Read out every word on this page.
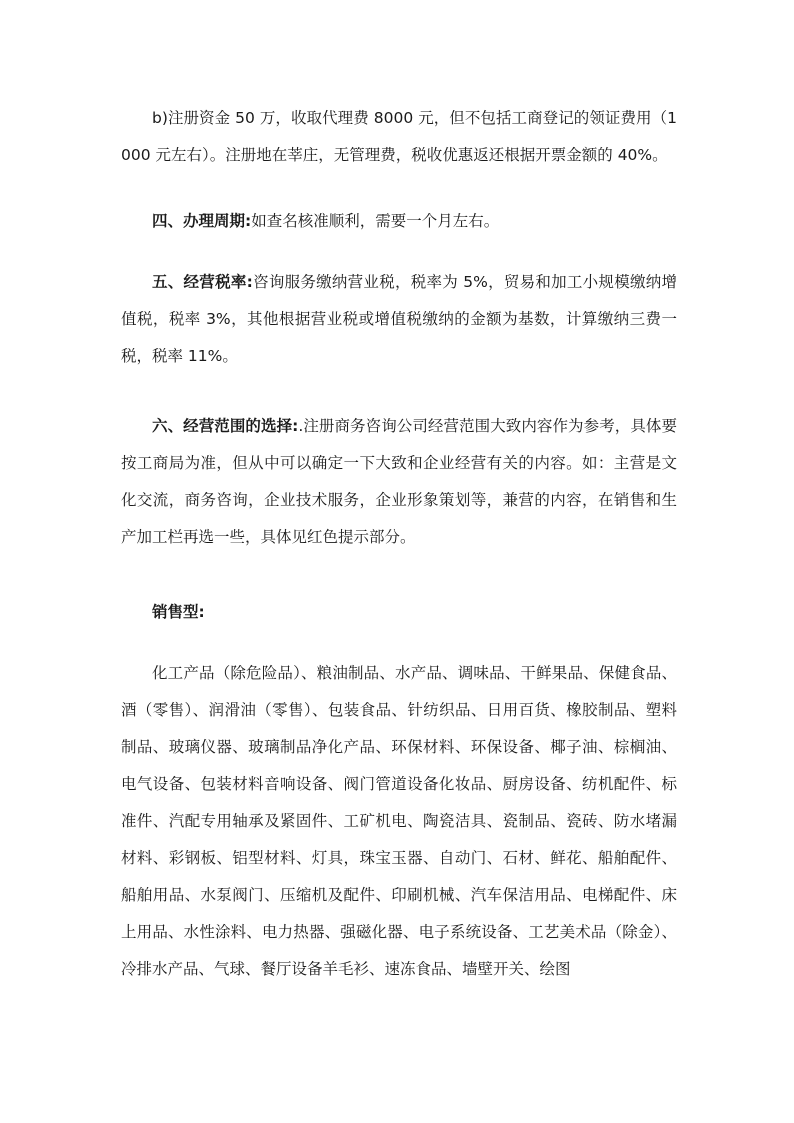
b)注册资金 50 万，收取代理费 8000 元，但不包括工商登记的领证费用（1000 元左右）。注册地在莘庄，无管理费，税收优惠返还根据开票金额的 40%。

四、办理周期:如查名核准顺利，需要一个月左右。

五、经营税率:咨询服务缴纳营业税，税率为 5%，贸易和加工小规模缴纳增值税，税率 3%，其他根据营业税或增值税缴纳的金额为基数，计算缴纳三费一税，税率 11%。

六、经营范围的选择:.注册商务咨询公司经营范围大致内容作为参考，具体要按工商局为准，但从中可以确定一下大致和企业经营有关的内容。如：主营是文化交流，商务咨询，企业技术服务，企业形象策划等，兼营的内容，在销售和生产加工栏再选一些，具体见红色提示部分。

销售型:

化工产品（除危险品）、粮油制品、水产品、调味品、干鲜果品、保健食品、酒（零售）、润滑油（零售）、包装食品、针纺织品、日用百货、橡胶制品、塑料制品、玻璃仪器、玻璃制品净化产品、环保材料、环保设备、椰子油、棕榈油、电气设备、包装材料音响设备、阀门管道设备化妆品、厨房设备、纺机配件、标准件、汽配专用轴承及紧固件、工矿机电、陶瓷洁具、瓷制品、瓷砖、防水堵漏材料、彩钢板、铝型材料、灯具，珠宝玉器、自动门、石材、鲜花、船舶配件、船舶用品、水泵阀门、压缩机及配件、印刷机械、汽车保洁用品、电梯配件、床上用品、水性涂料、电力热器、强磁化器、电子系统设备、工艺美术品（除金）、冷排水产品、气球、餐厅设备羊毛衫、速冻食品、墙壁开关、绘图
